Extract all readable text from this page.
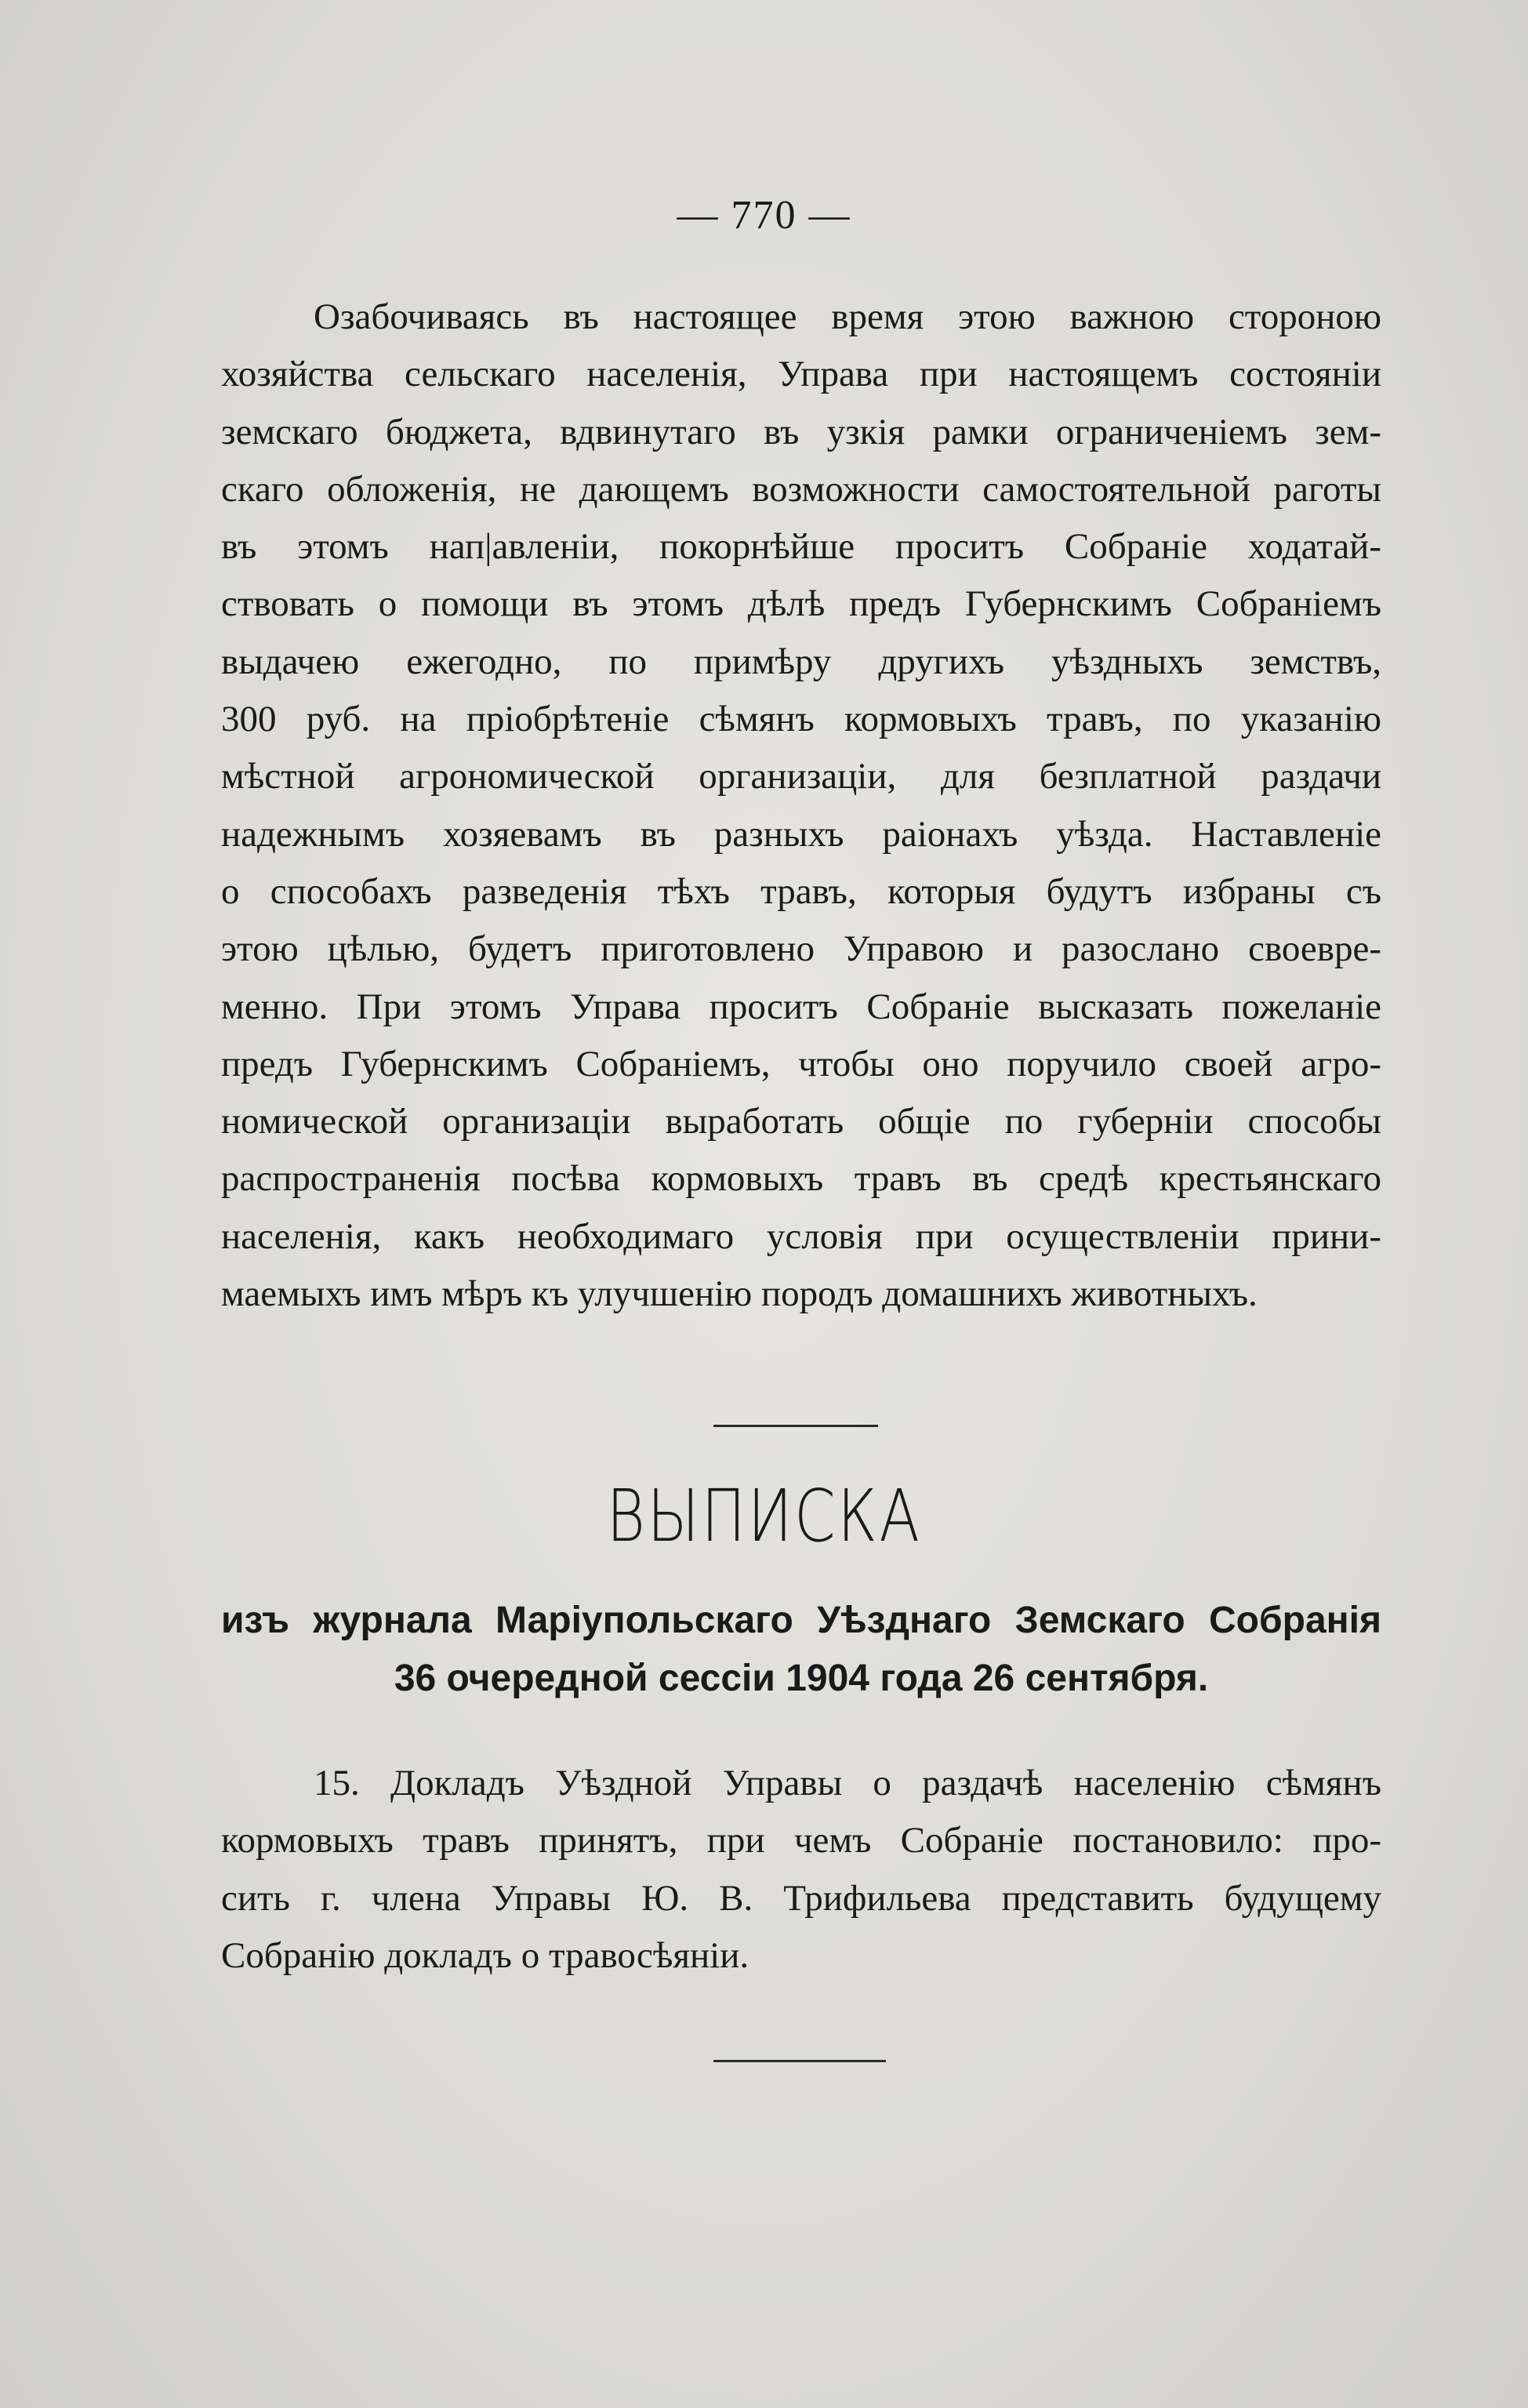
— 770 —
Озабочиваясь въ настоящее время этою важною стороною
хозяйства сельскаго населенія, Управа при настоящемъ состояніи
земскаго бюджета, вдвинутаго въ узкія рамки ограниченіемъ зем-
скаго обложенія, не дающемъ возможности самостоятельной раготы
въ этомъ нап|авленіи, покорнѣйше проситъ Собраніе ходатай-
ствовать о помощи въ этомъ дѣлѣ предъ Губернскимъ Собраніемъ
выдачею ежегодно, по примѣру другихъ уѣздныхъ земствъ,
300 руб. на пріобрѣтеніе сѣмянъ кормовыхъ травъ, по указанію
мѣстной агрономической организаціи, для безплатной раздачи
надежнымъ хозяевамъ въ разныхъ раіонахъ уѣзда. Наставленіе
о способахъ разведенія тѣхъ травъ, которыя будутъ избраны съ
этою цѣлью, будетъ приготовлено Управою и разослано своевре-
менно. При этомъ Управа проситъ Собраніе высказать пожеланіе
предъ Губернскимъ Собраніемъ, чтобы оно поручило своей агро-
номической организаціи выработать общіе по губерніи способы
распространенія посѣва кормовыхъ травъ въ средѣ крестьянскаго
населенія, какъ необходимаго условія при осуществленіи прини-
маемыхъ имъ мѣръ къ улучшенію породъ домашнихъ животныхъ.
ВЫПИСКА
изъ журнала Маріупольскаго Уѣзднаго Земскаго Собранія
36 очередной сессіи 1904 года 26 сентября.
15. Докладъ Уѣздной Управы о раздачѣ населенію сѣмянъ
кормовыхъ травъ принятъ, при чемъ Собраніе постановило: про-
сить г. члена Управы Ю. В. Трифильева представить будущему
Собранію докладъ о травосѣяніи.
